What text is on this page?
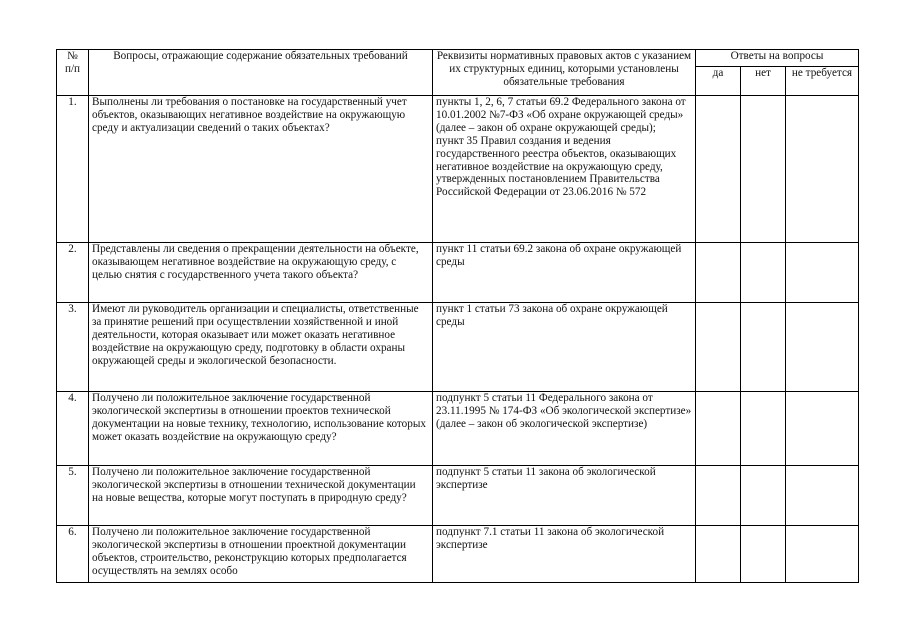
№
п/п	Вопросы, отражающие содержание обязательных требований	Реквизиты нормативных правовых актов с указанием их структурных единиц, которыми установлены обязательные требования	Ответы на вопросы		
			да	нет	не требуется
1.	Выполнены ли требования о постановке на государственный учет объектов, оказывающих негативное воздействие на окружающую среду и актуализации сведений о таких объектах?	пункты 1, 2, 6, 7 статьи 69.2 Федерального закона от 10.01.2002 №7-ФЗ «Об охране окружающей среды» (далее – закон об охране окружающей среды);
пункт 35 Правил создания и ведения государственного реестра объектов, оказывающих негативное воздействие на окружающую среду, утвержденных постановлением Правительства Российской Федерации от 23.06.2016 № 572			

2.	Представлены ли сведения о прекращении деятельности на объекте, оказывающем негативное воздействие на окружающую среду, с целью снятия с государственного учета такого объекта?	пункт 11 статьи 69.2 закона об охране окружающей среды			
3.	Имеют ли руководитель организации и специалисты, ответственные за принятие решений при осуществлении хозяйственной и иной деятельности, которая оказывает или может оказать негативное воздействие на окружающую среду, подготовку в области охраны окружающей среды и экологической безопасности.	пункт 1 статьи 73 закона об охране окружающей среды			
4.	Получено ли положительное заключение государственной экологической экспертизы в отношении проектов технической документации на новые технику, технологию, использование которых может оказать воздействие на окружающую среду?	подпункт 5 статьи 11 Федерального закона от 23.11.1995 № 174-ФЗ «Об экологической экспертизе» (далее – закон об экологической экспертизе)			
5.	Получено ли положительное заключение государственной экологической экспертизы в отношении технической документации на новые вещества, которые могут поступать в природную среду?	подпункт 5 статьи 11 закона об экологической экспертизе			
6.	Получено ли положительное заключение государственной экологической экспертизы в отношении проектной документации объектов, строительство, реконструкцию которых предполагается осуществлять на землях особо	подпункт 7.1 статьи 11 закона об экологической экспертизе			
